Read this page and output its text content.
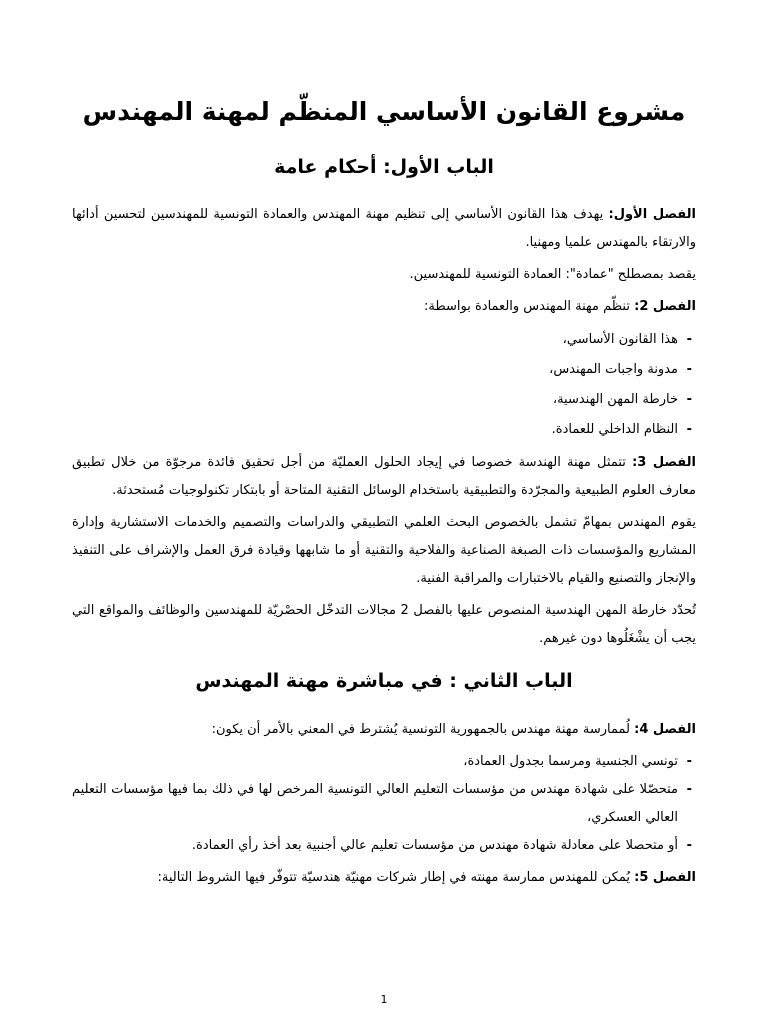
مشروع القانون الأساسي المنظّم لمهنة المهندس
الباب الأول: أحكام عامة

الفصل الأول: يهدف هذا القانون الأساسي إلى تنظيم مهنة المهندس والعمادة التونسية للمهندسين لتحسين أدائها والارتقاء بالمهندس علميا ومهنيا.

يقصد بمصطلح "عمادة": العمادة التونسية للمهندسين.

الفصل 2: تنظّم مهنة المهندس والعمادة بواسطة:

- هذا القانون الأساسي،
- مدونة واجبات المهندس،
- خارطة المهن الهندسية،
- النظام الداخلي للعمادة.

الفصل 3: تتمثل مهنة الهندسة خصوصا في إيجاد الحلول العمليّة من أجل تحقيق فائدة مرجوّة من خلال تطبيق معارف العلوم الطبيعية والمجرّدة والتطبيقية باستخدام الوسائل التقنية المتاحة أو بابتكار تكنولوجيات مُستحدثة.

يقوم المهندس بمهامّ تشمل بالخصوص البحث العلمي التطبيقي والدراسات والتصميم والخدمات الاستشارية وإدارة المشاريع والمؤسسات ذات الصبغة الصناعية والفلاحية والتقنية أو ما شابهها وقيادة فرق العمل والإشراف على التنفيذ والإنجاز والتصنيع والقيام بالاختبارات والمراقبة الفنية.

تُحدّد خارطة المهن الهندسية المنصوص عليها بالفصل 2 مجالات التدخّل الحصْريّة للمهندسين والوظائف والمواقع التي يجب أن يشْغَلُوها دون غيرهم.

الباب الثاني : في مباشرة مهنة المهندس

الفصل 4: لُممارسة مهنة مهندس بالجمهورية التونسية يُشترط في المعني بالأمر أن يكون:

- تونسي الجنسية ومرسما بجدول العمادة،
- متحصّلا على شهادة مهندس من مؤسسات التعليم العالي التونسية المرخص لها في ذلك بما فيها مؤسسات التعليم العالي العسكري،
- أو متحصلا على معادلة شهادة مهندس من مؤسسات تعليم عالي أجنبية بعد أخذ رأي العمادة.

الفصل 5: يُمكن للمهندس ممارسة مهنته في إطار شركات مهنيّة هندسيّة تتوفّر فيها الشروط التالية:

1
